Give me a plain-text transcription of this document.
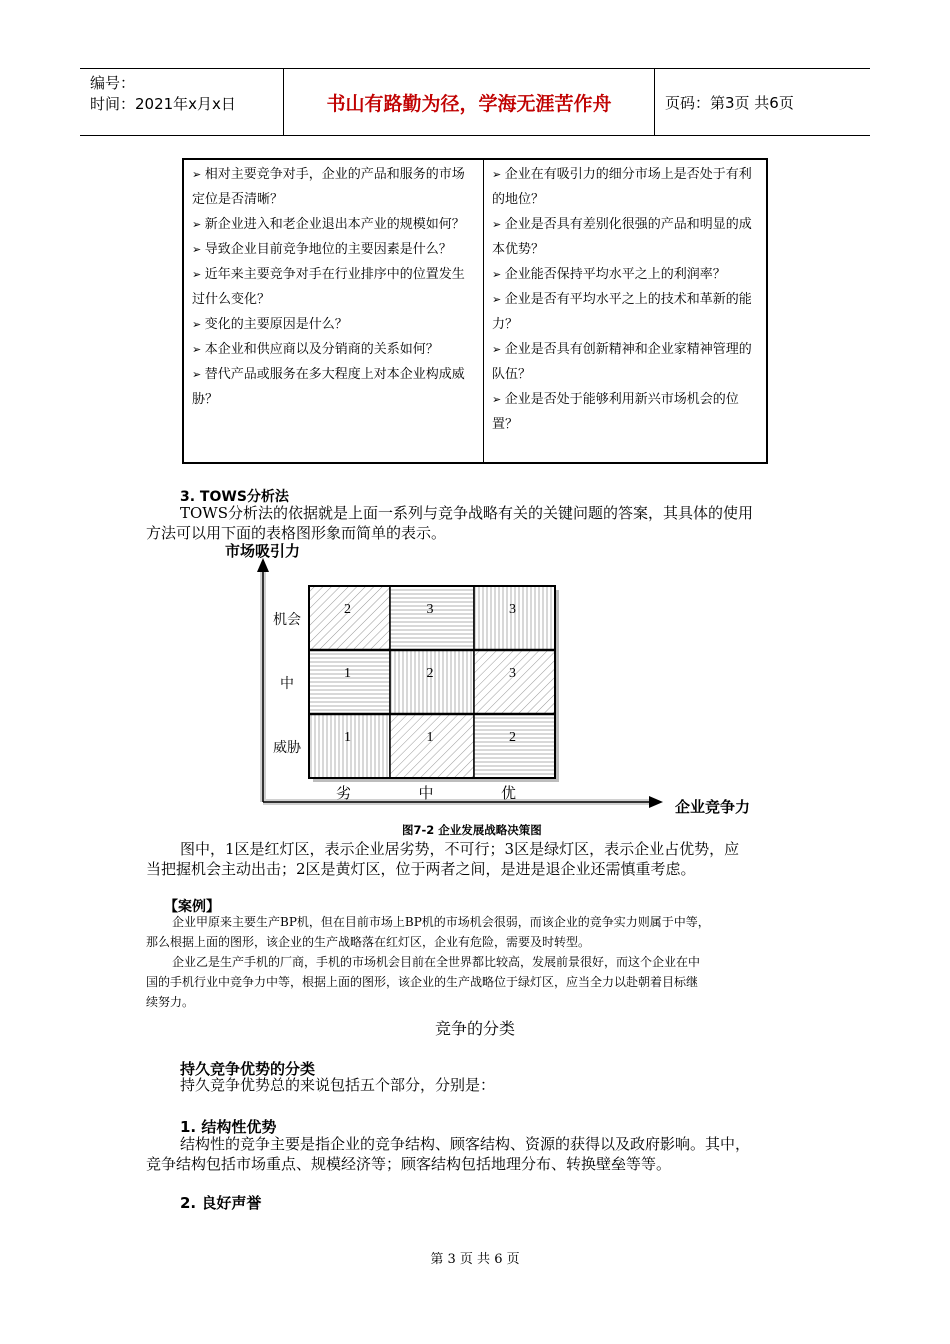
编号：
时间：2021年x月x日	书山有路勤为径，学海无涯苦作舟	页码：第3页 共6页
➢ 相对主要竞争对手，企业的产品和服务的市场定位是否清晰？
➢ 新企业进入和老企业退出本产业的规模如何？
➢ 导致企业目前竞争地位的主要因素是什么？
➢ 近年来主要竞争对手在行业排序中的位置发生过什么变化？
➢ 变化的主要原因是什么？
➢ 本企业和供应商以及分销商的关系如何？
➢ 替代产品或服务在多大程度上对本企业构成威胁？
➢ 企业在有吸引力的细分市场上是否处于有利的地位？
➢ 企业是否具有差别化很强的产品和明显的成本优势？
➢ 企业能否保持平均水平之上的利润率？
➢ 企业是否有平均水平之上的技术和革新的能力？
➢ 企业是否具有创新精神和企业家精神管理的队伍？
➢ 企业是否处于能够利用新兴市场机会的位置？
3. TOWS分析法
TOWS分析法的依据就是上面一系列与竞争战略有关的关键问题的答案，其具体的使用
方法可以用下面的表格图形象而简单的表示。
2	3	3
1	2	3
1	1	2
市场吸引力
企业竞争力
机会
中
威胁
劣	中	优
图7-2 企业发展战略决策图
图中，1区是红灯区，表示企业居劣势，不可行；3区是绿灯区，表示企业占优势，应
当把握机会主动出击；2区是黄灯区，位于两者之间，是进是退企业还需慎重考虑。
【案例】
企业甲原来主要生产BP机，但在目前市场上BP机的市场机会很弱，而该企业的竞争实力则属于中等，
那么根据上面的图形，该企业的生产战略落在红灯区，企业有危险，需要及时转型。
企业乙是生产手机的厂商，手机的市场机会目前在全世界都比较高，发展前景很好，而这个企业在中
国的手机行业中竞争力中等，根据上面的图形，该企业的生产战略位于绿灯区，应当全力以赴朝着目标继
续努力。
竞争的分类
持久竞争优势的分类
持久竞争优势总的来说包括五个部分，分别是：
1. 结构性优势
结构性的竞争主要是指企业的竞争结构、顾客结构、资源的获得以及政府影响。其中，
竞争结构包括市场重点、规模经济等；顾客结构包括地理分布、转换壁垒等等。
2. 良好声誉
第 3 页 共 6 页
